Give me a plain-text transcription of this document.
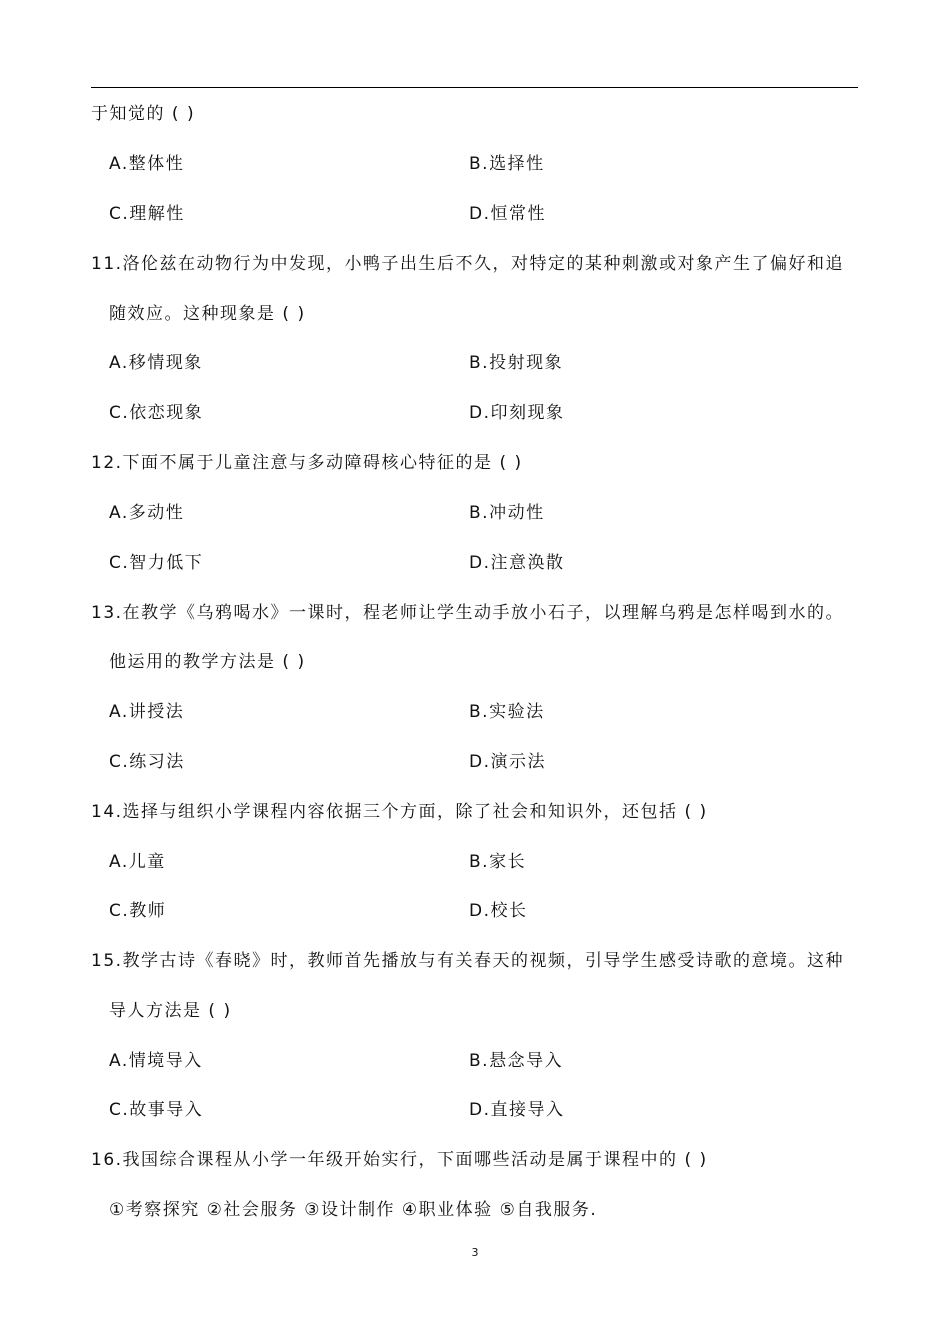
于知觉的 ( )
A.整体性	B.选择性
C.理解性	D.恒常性
11.洛伦兹在动物行为中发现，小鸭子出生后不久，对特定的某种刺激或对象产生了偏好和追
随效应。这种现象是 ( )
A.移情现象	B.投射现象
C.依恋现象	D.印刻现象
12.下面不属于儿童注意与多动障碍核心特征的是 ( )
A.多动性	B.冲动性
C.智力低下	D.注意涣散
13.在教学《乌鸦喝水》一课时，程老师让学生动手放小石子，以理解乌鸦是怎样喝到水的。
他运用的教学方法是 ( )
A.讲授法	B.实验法
C.练习法	D.演示法
14.选择与组织小学课程内容依据三个方面，除了社会和知识外，还包括 ( )
A.儿童	B.家长
C.教师	D.校长
15.教学古诗《春晓》时，教师首先播放与有关春天的视频，引导学生感受诗歌的意境。这种
导人方法是 ( )
A.情境导入	B.悬念导入
C.故事导入	D.直接导入
16.我国综合课程从小学一年级开始实行，下面哪些活动是属于课程中的 ( )
①考察探究 ②社会服务 ③设计制作 ④职业体验 ⑤自我服务.
3
